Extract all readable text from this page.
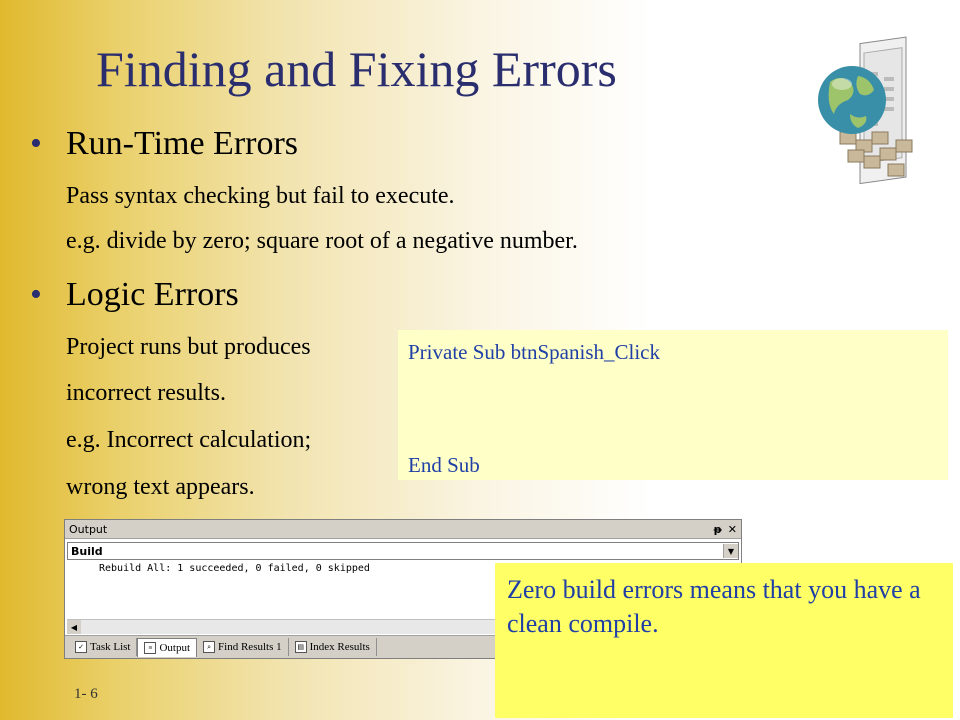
Finding and Fixing Errors
• Run-Time Errors
Pass syntax checking but fail to execute.
e.g. divide by zero; square root of a negative number.
• Logic Errors
Project runs but produces
incorrect results.
e.g. Incorrect calculation;
wrong text appears.
Private Sub btnSpanish_Click
End Sub
Output	ᵽ ✕
Build	▼
Rebuild All: 1 succeeded, 0 failed, 0 skipped
◀
✓ Task List	≡ Output	⌕ Find Results 1	▤ Index Results
Zero build errors means that you have a clean compile.
1- 6
